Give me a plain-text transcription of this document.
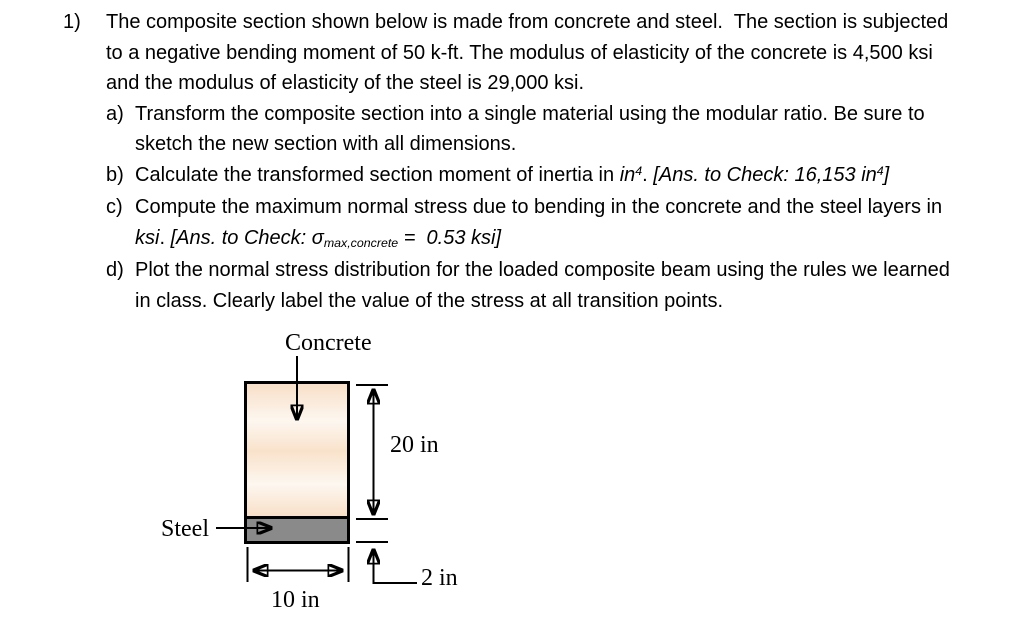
1)	The composite section shown below is made from concrete and steel.  The section is subjected
to a negative bending moment of 50 k-ft. The modulus of elasticity of the concrete is 4,500 ksi
and the modulus of elasticity of the steel is 29,000 ksi.
a) Transform the composite section into a single material using the modular ratio. Be sure to
sketch the new section with all dimensions.
b) Calculate the transformed section moment of inertia in $in^4$. [Ans. to Check: 16,153 $in^4$]
c) Compute the maximum normal stress due to bending in the concrete and the steel layers in
ksi. [Ans. to Check: σmax,concrete =  0.53 ksi]
d) Plot the normal stress distribution for the loaded composite beam using the rules we learned
in class. Clearly label the value of the stress at all transition points.
Concrete
Steel
20 in
2 in
10 in
